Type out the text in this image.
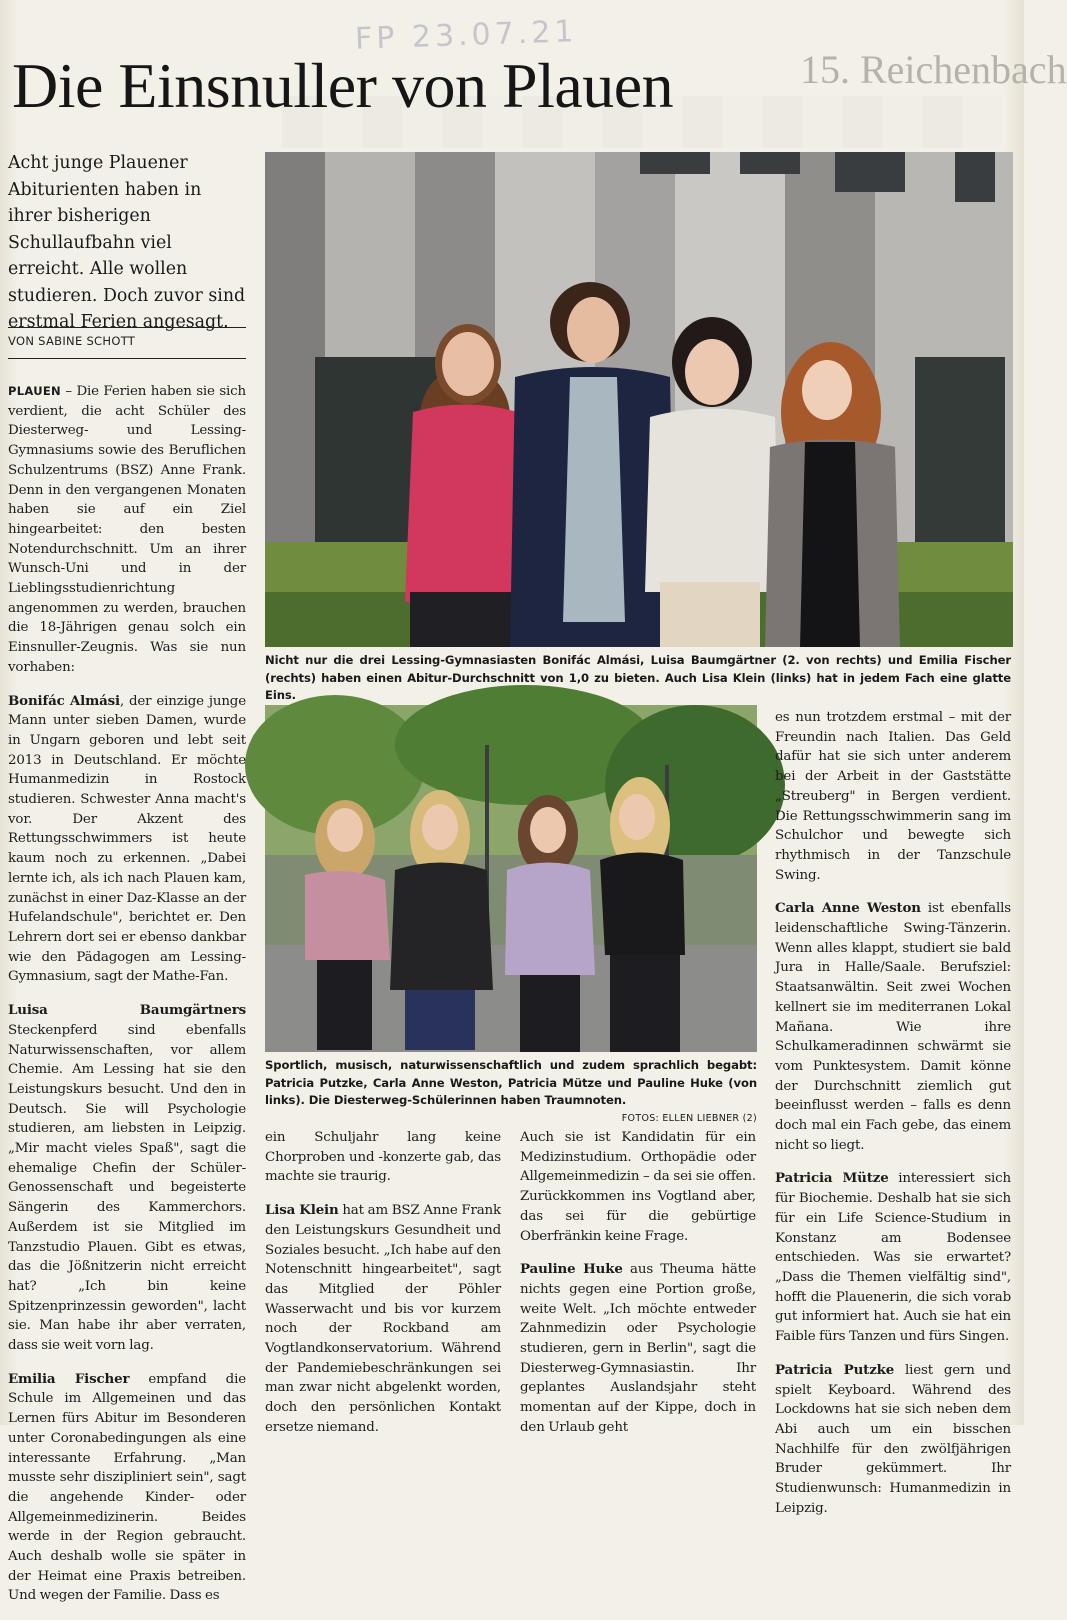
FP 23.07.21
15. Reichenbach
Die Einsnuller von Plauen

Acht junge Plauener Abiturienten haben in ihrer bisherigen Schullaufbahn viel erreicht. Alle wollen studieren. Doch zuvor sind erstmal Ferien angesagt.

VON SABINE SCHOTT
Nicht nur die drei Lessing-Gymnasiasten Bonifác Almási, Luisa Baumgärtner (2. von rechts) und Emilia Fischer (rechts) haben einen Abitur-Durchschnitt von 1,0 zu bieten. Auch Lisa Klein (links) hat in jedem Fach eine glatte Eins.
Sportlich, musisch, naturwissenschaftlich und zudem sprachlich begabt: Patricia Putzke, Carla Anne Weston, Patricia Mütze und Pauline Huke (von links). Die Diesterweg-Schülerinnen haben Traumnoten.
FOTOS: ELLEN LIEBNER (2)

PLAUEN – Die Ferien haben sie sich verdient, die acht Schüler des Diesterweg- und Lessing-Gymnasiums sowie des Beruflichen Schulzentrums (BSZ) Anne Frank. Denn in den vergangenen Monaten haben sie auf ein Ziel hingearbeitet: den besten Notendurchschnitt. Um an ihrer Wunsch-Uni und in der Lieblingsstudienrichtung angenommen zu werden, brauchen die 18-Jährigen genau solch ein Einsnuller-Zeugnis. Was sie nun vorhaben:

Bonifác Almási, der einzige junge Mann unter sieben Damen, wurde in Ungarn geboren und lebt seit 2013 in Deutschland. Er möchte Humanmedizin in Rostock studieren. Schwester Anna macht's vor. Der Akzent des Rettungsschwimmers ist heute kaum noch zu erkennen. „Dabei lernte ich, als ich nach Plauen kam, zunächst in einer Daz-Klasse an der Hufelandschule", berichtet er. Den Lehrern dort sei er ebenso dankbar wie den Pädagogen am Lessing-Gymnasium, sagt der Mathe-Fan.

Luisa Baumgärtners Steckenpferd sind ebenfalls Naturwissenschaften, vor allem Chemie. Am Lessing hat sie den Leistungskurs besucht. Und den in Deutsch. Sie will Psychologie studieren, am liebsten in Leipzig. „Mir macht vieles Spaß", sagt die ehemalige Chefin der Schüler-Genossenschaft und begeisterte Sängerin des Kammerchors. Außerdem ist sie Mitglied im Tanzstudio Plauen. Gibt es etwas, das die Jößnitzerin nicht erreicht hat? „Ich bin keine Spitzenprinzessin geworden", lacht sie. Man habe ihr aber verraten, dass sie weit vorn lag.

Emilia Fischer empfand die Schule im Allgemeinen und das Lernen fürs Abitur im Besonderen unter Coronabedingungen als eine interessante Erfahrung. „Man musste sehr diszipliniert sein", sagt die angehende Kinder- oder Allgemeinmedizinerin. Beides werde in der Region gebraucht. Auch deshalb wolle sie später in der Heimat eine Praxis betreiben. Und wegen der Familie. Dass es

ein Schuljahr lang keine Chorproben und -konzerte gab, das machte sie traurig.

Lisa Klein hat am BSZ Anne Frank den Leistungskurs Gesundheit und Soziales besucht. „Ich habe auf den Notenschnitt hingearbeitet", sagt das Mitglied der Pöhler Wasserwacht und bis vor kurzem noch der Rockband am Vogtlandkonservatorium. Während der Pandemiebeschränkungen sei man zwar nicht abgelenkt worden, doch den persönlichen Kontakt ersetze niemand.

Auch sie ist Kandidatin für ein Medizinstudium. Orthopädie oder Allgemeinmedizin – da sei sie offen. Zurückkommen ins Vogtland aber, das sei für die gebürtige Oberfränkin keine Frage.

Pauline Huke aus Theuma hätte nichts gegen eine Portion große, weite Welt. „Ich möchte entweder Zahnmedizin oder Psychologie studieren, gern in Berlin", sagt die Diesterweg-Gymnasiastin. Ihr geplantes Auslandsjahr steht momentan auf der Kippe, doch in den Urlaub geht

es nun trotzdem erstmal – mit der Freundin nach Italien. Das Geld dafür hat sie sich unter anderem bei der Arbeit in der Gaststätte „Streuberg" in Bergen verdient. Die Rettungsschwimmerin sang im Schulchor und bewegte sich rhythmisch in der Tanzschule Swing.

Carla Anne Weston ist ebenfalls leidenschaftliche Swing-Tänzerin. Wenn alles klappt, studiert sie bald Jura in Halle/Saale. Berufsziel: Staatsanwältin. Seit zwei Wochen kellnert sie im mediterranen Lokal Mañana. Wie ihre Schulkameradinnen schwärmt sie vom Punktesystem. Damit könne der Durchschnitt ziemlich gut beeinflusst werden – falls es denn doch mal ein Fach gebe, das einem nicht so liegt.

Patricia Mütze interessiert sich für Biochemie. Deshalb hat sie sich für ein Life Science-Studium in Konstanz am Bodensee entschieden. Was sie erwartet? „Dass die Themen vielfältig sind", hofft die Plauenerin, die sich vorab gut informiert hat. Auch sie hat ein Faible fürs Tanzen und fürs Singen.

Patricia Putzke liest gern und spielt Keyboard. Während des Lockdowns hat sie sich neben dem Abi auch um ein bisschen Nachhilfe für den zwölfjährigen Bruder gekümmert. Ihr Studienwunsch: Humanmedizin in Leipzig.
